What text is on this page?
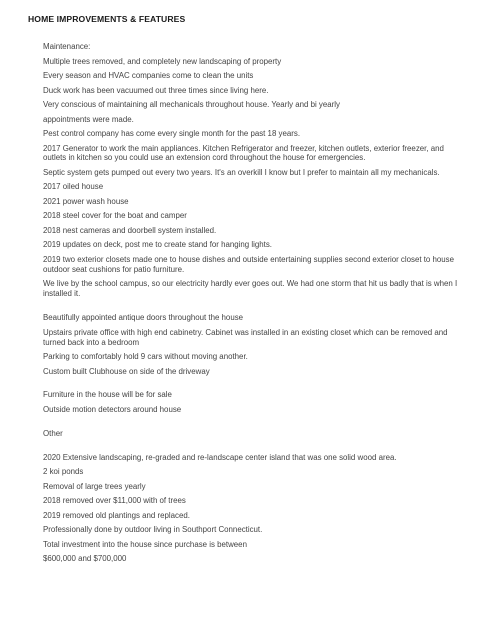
HOME IMPROVEMENTS & FEATURES
Maintenance:
Multiple trees removed, and completely new landscaping of property
Every season and HVAC companies come to clean the units
Duck work has been vacuumed out three times since living here.
Very conscious of maintaining all mechanicals throughout house. Yearly and bi yearly
appointments were made.
Pest control company has come every single month for the past 18 years.
2017 Generator to work the main appliances. Kitchen Refrigerator and freezer, kitchen outlets, exterior freezer, and outlets in kitchen so you could use an extension cord throughout the house for emergencies.
Septic system gets pumped out every two years. It's an overkill I know but I prefer to maintain all my mechanicals.
2017 oiled house
2021 power wash house
2018 steel cover for the boat and camper
2018 nest cameras and doorbell system installed.
2019 updates on deck, post me to create stand for hanging lights.
2019 two exterior closets made one to house dishes and outside entertaining supplies second exterior closet to house outdoor seat cushions for patio furniture.
We live by the school campus, so our electricity hardly ever goes out. We had one storm that hit us badly that is when I installed it.
Beautifully appointed antique doors throughout the house
Upstairs private office with high end cabinetry. Cabinet was installed in an existing closet which can be removed and turned back into a bedroom
Parking to comfortably hold 9 cars without moving another.
Custom built Clubhouse on side of the driveway
Furniture in the house will be for sale
Outside motion detectors around house
Other
2020 Extensive landscaping, re-graded and re-landscape center island that was one solid wood area.
2 koi ponds
Removal of large trees yearly
2018 removed over $11,000 with of trees
2019 removed old plantings and replaced.
Professionally done by outdoor living in Southport Connecticut.
Total investment into the house since purchase is between
$600,000 and $700,000
